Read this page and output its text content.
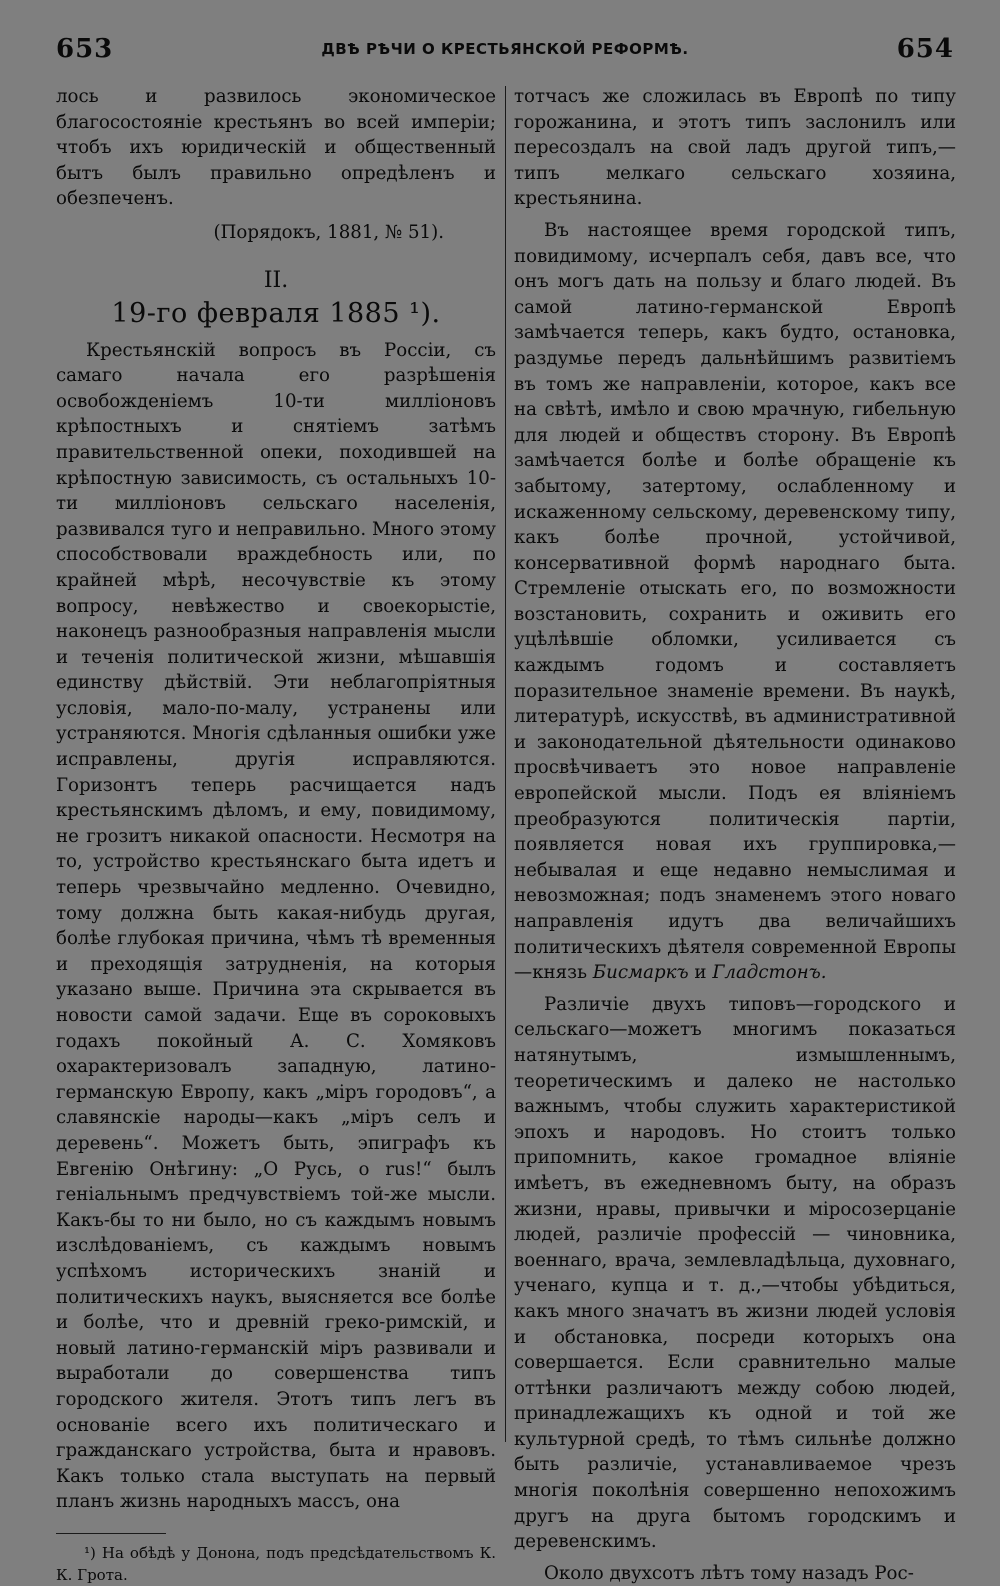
653	ДВѢ РѢЧИ О КРЕСТЬЯНСКОЙ РЕФОРМѢ.	654

лось и развилось экономическое благосостояніе крестьянъ во всей имперіи; чтобъ ихъ юридическій и общественный бытъ былъ правильно опредѣленъ и обезпеченъ.

(Порядокъ, 1881, № 51).

II.

19-го февраля 1885 ¹).

Крестьянскій вопросъ въ Россіи, съ самаго начала его разрѣшенія освобожденіемъ 10-ти милліоновъ крѣпостныхъ и снятіемъ затѣмъ правительственной опеки, походившей на крѣпостную зависимость, съ остальныхъ 10-ти милліоновъ сельскаго населенія, развивался туго и неправильно. Много этому способствовали враждебность или, по крайней мѣрѣ, несочувствіе къ этому вопросу, невѣжество и своекорыстіе, наконецъ разнообразныя направленія мысли и теченія политической жизни, мѣшавшія единству дѣйствій. Эти неблагопріятныя условія, мало-по-малу, устранены или устраняются. Многія сдѣланныя ошибки уже исправлены, другія исправляются. Горизонтъ теперь расчищается надъ крестьянскимъ дѣломъ, и ему, повидимому, не грозитъ никакой опасности. Несмотря на то, устройство крестьянскаго быта идетъ и теперь чрезвычайно медленно. Очевидно, тому должна быть какая-нибудь другая, болѣе глубокая причина, чѣмъ тѣ временныя и преходящія затрудненія, на которыя указано выше. Причина эта скрывается въ новости самой задачи. Еще въ сороковыхъ годахъ покойный А. С. Хомяковъ охарактеризовалъ западную, латино-германскую Европу, какъ „міръ городовъ“, а славянскіе народы—какъ „міръ селъ и деревень“. Можетъ быть, эпиграфъ къ Евгенію Онѣгину: „О Русь, о rus!“ былъ геніальнымъ предчувствіемъ той-же мысли. Какъ-бы то ни было, но съ каждымъ новымъ изслѣдованіемъ, съ каждымъ новымъ успѣхомъ историческихъ знаній и политическихъ наукъ, выясняется все болѣе и болѣе, что и древній греко-римскій, и новый латино-германскій міръ развивали и выработали до совершенства типъ городского жителя. Этотъ типъ легъ въ основаніе всего ихъ политическаго и гражданскаго устройства, быта и нравовъ. Какъ только стала выступать на первый планъ жизнь народныхъ массъ, она

¹) На обѣдѣ у Донона, подъ предсѣдательствомъ К. К. Грота.

тотчасъ же сложилась въ Европѣ по типу горожанина, и этотъ типъ заслонилъ или пересоздалъ на свой ладъ другой типъ,—типъ мелкаго сельскаго хозяина, крестьянина.

Въ настоящее время городской типъ, повидимому, исчерпалъ себя, давъ все, что онъ могъ дать на пользу и благо людей. Въ самой латино-германской Европѣ замѣчается теперь, какъ будто, остановка, раздумье передъ дальнѣйшимъ развитіемъ въ томъ же направленіи, которое, какъ все на свѣтѣ, имѣло и свою мрачную, гибельную для людей и обществъ сторону. Въ Европѣ замѣчается болѣе и болѣе обращеніе къ забытому, затертому, ослабленному и искаженному сельскому, деревенскому типу, какъ болѣе прочной, устойчивой, консервативной формѣ народнаго быта. Стремленіе отыскать его, по возможности возстановить, сохранить и оживить его уцѣлѣвшіе обломки, усиливается съ каждымъ годомъ и составляетъ поразительное знаменіе времени. Въ наукѣ, литературѣ, искусствѣ, въ административной и законодательной дѣятельности одинаково просвѣчиваетъ это новое направленіе европейской мысли. Подъ ея вліяніемъ преобразуются политическія партіи, появляется новая ихъ группировка,—небывалая и еще недавно немыслимая и невозможная; подъ знаменемъ этого новаго направленія идутъ два величайшихъ политическихъ дѣятеля современной Европы—князь Бисмаркъ и Гладстонъ.

Различіе двухъ типовъ—городского и сельскаго—можетъ многимъ показаться натянутымъ, измышленнымъ, теоретическимъ и далеко не настолько важнымъ, чтобы служить характеристикой эпохъ и народовъ. Но стоитъ только припомнить, какое громадное вліяніе имѣетъ, въ ежедневномъ быту, на образъ жизни, нравы, привычки и міросозерцаніе людей, различіе профессій — чиновника, военнаго, врача, землевладѣльца, духовнаго, ученаго, купца и т. д.,—чтобы убѣдиться, какъ много значатъ въ жизни людей условія и обстановка, посреди которыхъ она совершается. Если сравнительно малые оттѣнки различаютъ между собою людей, принадлежащихъ къ одной и той же культурной средѣ, то тѣмъ сильнѣе должно быть различіе, устанавливаемое чрезъ многія поколѣнія совершенно непохожимъ другъ на друга бытомъ городскимъ и деревенскимъ.

Около двухсотъ лѣтъ тому назадъ Рос-
